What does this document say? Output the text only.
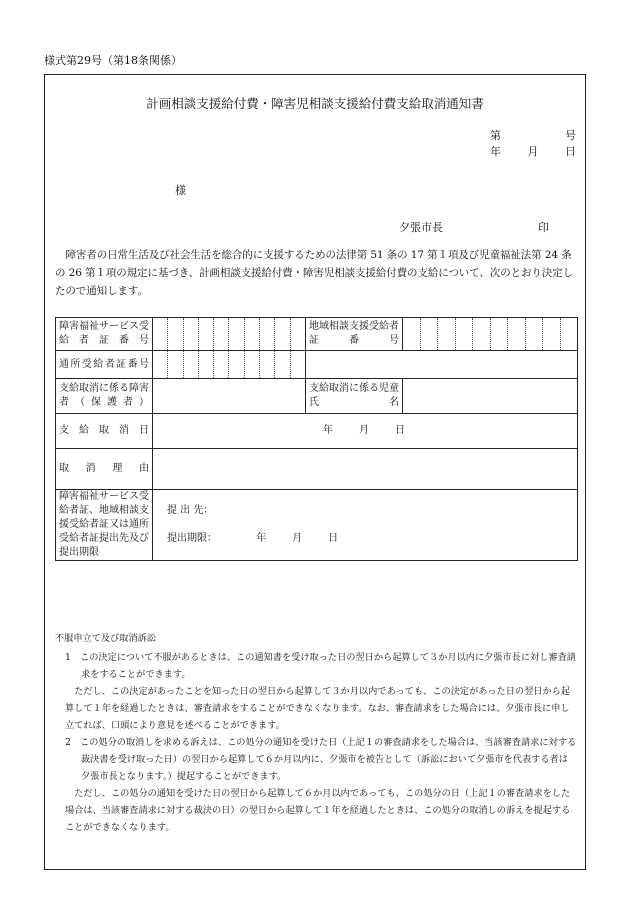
様式第29号（第18条関係）
計画相談支援給付費・障害児相談支援給付費支給取消通知書
第	号
年 月 日
様
夕張市長	印
障害者の日常生活及び社会生活を総合的に支援するための法律第 51 条の 17 第１項及び児童福祉法第 24 条の 26 第１項の規定に基づき、計画相談支援給付費・障害児相談支援給付費の支給について、次のとおり決定したので通知します。
障害福祉サービス受給者証番号		地域相談支援受給者証番号	

通所受給者証番号		

支給取消に係る障害者（保護者）		支給取消に係る児童氏名	
支給取消日	年　　月　　日		
取消理由			
障害福祉サービス受給者証、地域相談支援受給者証又は通所受給者証提出先及び提出期限	提 出 先：
提出期限： 年　　月　　日		
不服申立て及び取消訴訟
1　この決定について不服があるときは、この通知書を受け取った日の翌日から起算して３か月以内に夕張市長に対し審査請求をすることができます。
ただし、この決定があったことを知った日の翌日から起算して３か月以内であっても、この決定があった日の翌日から起算して１年を経過したときは、審査請求をすることができなくなります。なお、審査請求をした場合には、夕張市長に申し立てれば、口頭により意見を述べることができます。
2　この処分の取消しを求める訴えは、この処分の通知を受けた日（上記１の審査請求をした場合は、当該審査請求に対する裁決書を受け取った日）の翌日から起算して６か月以内に、夕張市を被告として（訴訟において夕張市を代表する者は夕張市長となります。）提起することができます。
ただし、この処分の通知を受けた日の翌日から起算して６か月以内であっても、この処分の日（上記１の審査請求をした場合は、当該審査請求に対する裁決の日）の翌日から起算して１年を経過したときは、この処分の取消しの訴えを提起することができなくなります。
